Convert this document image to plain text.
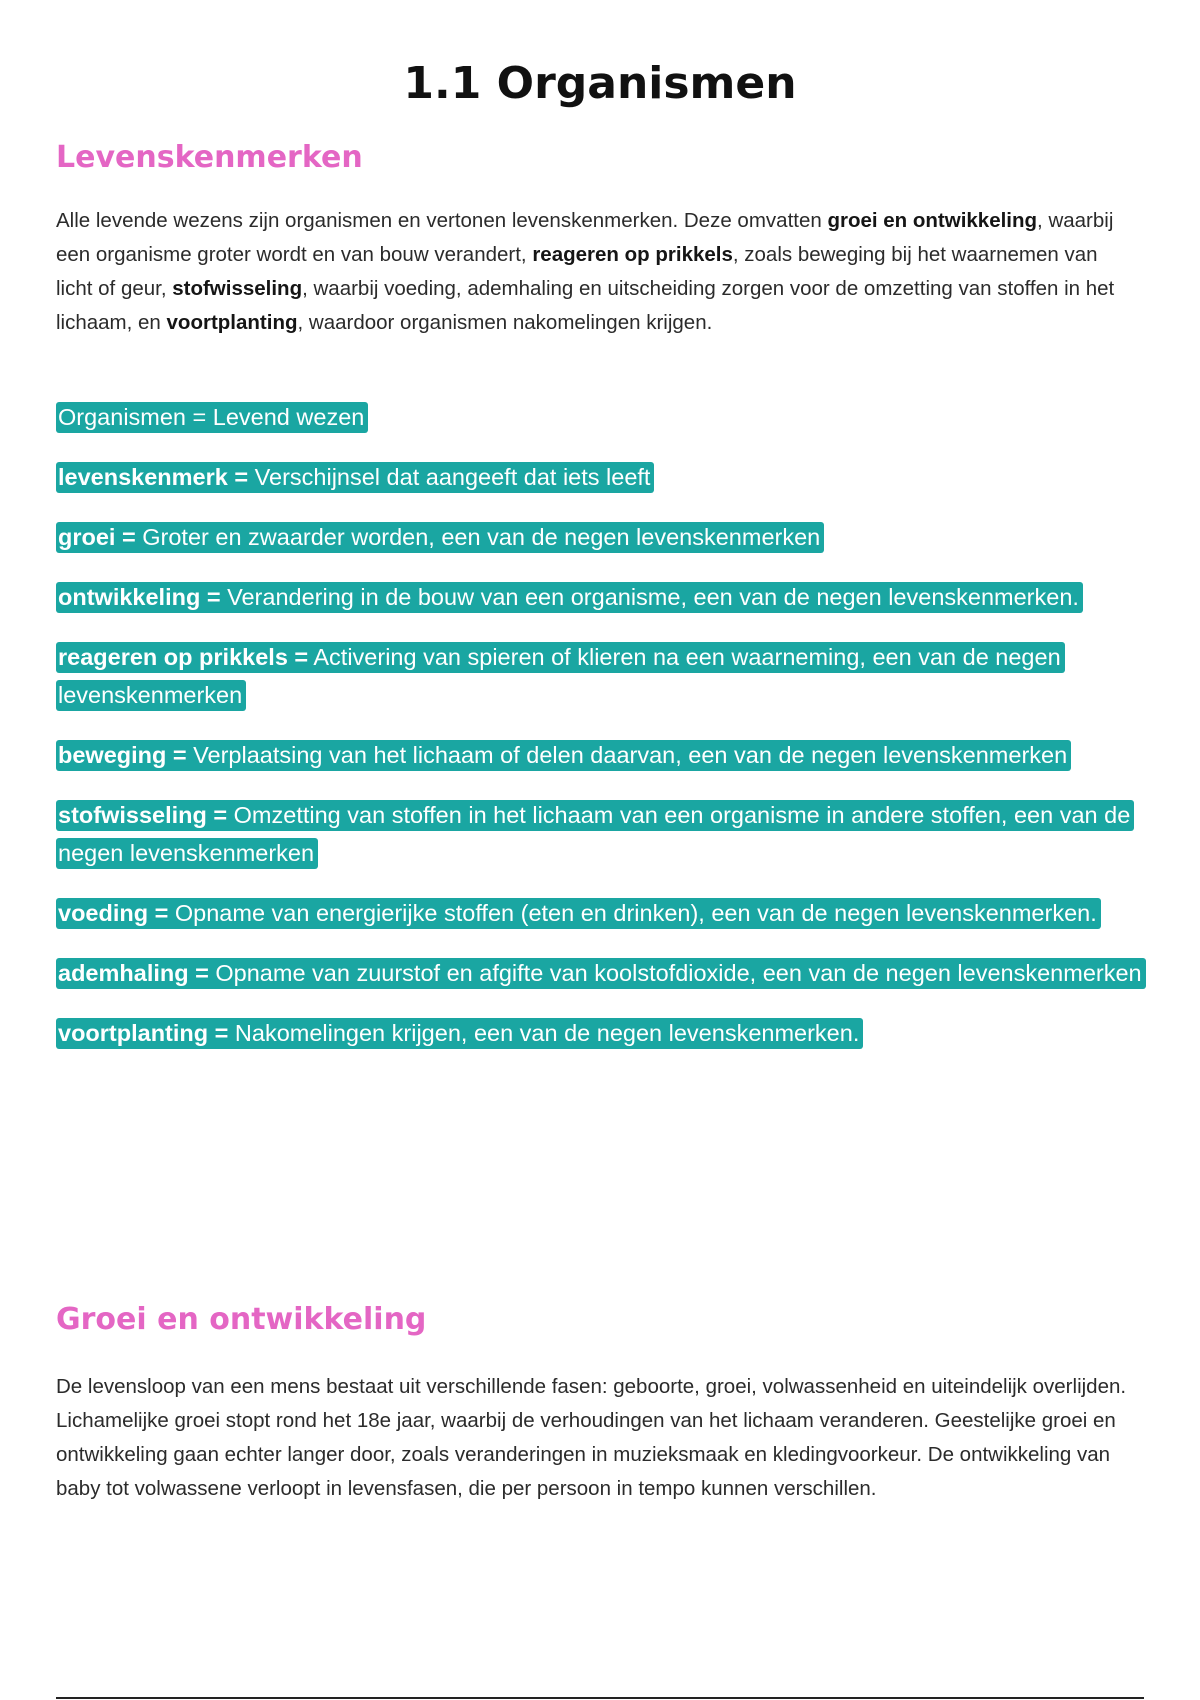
1.1 Organismen
Levenskenmerken

Alle levende wezens zijn organismen en vertonen levenskenmerken. Deze omvatten groei en ontwikkeling, waarbij een organisme groter wordt en van bouw verandert, reageren op prikkels, zoals beweging bij het waarnemen van licht of geur, stofwisseling, waarbij voeding, ademhaling en uitscheiding zorgen voor de omzetting van stoffen in het lichaam, en voortplanting, waardoor organismen nakomelingen krijgen.

Organismen = Levend wezen

levenskenmerk = Verschijnsel dat aangeeft dat iets leeft

groei = Groter en zwaarder worden, een van de negen levenskenmerken

ontwikkeling = Verandering in de bouw van een organisme, een van de negen levenskenmerken.

reageren op prikkels = Activering van spieren of klieren na een waarneming, een van de negen levenskenmerken

beweging = Verplaatsing van het lichaam of delen daarvan, een van de negen levenskenmerken

stofwisseling = Omzetting van stoffen in het lichaam van een organisme in andere stoffen, een van de negen levenskenmerken

voeding = Opname van energierijke stoffen (eten en drinken), een van de negen levenskenmerken.

ademhaling = Opname van zuurstof en afgifte van koolstofdioxide, een van de negen levenskenmerken

voortplanting = Nakomelingen krijgen, een van de negen levenskenmerken.

Groei en ontwikkeling

De levensloop van een mens bestaat uit verschillende fasen: geboorte, groei, volwassenheid en uiteindelijk overlijden. Lichamelijke groei stopt rond het 18e jaar, waarbij de verhoudingen van het lichaam veranderen. Geestelijke groei en ontwikkeling gaan echter langer door, zoals veranderingen in muzieksmaak en kledingvoorkeur. De ontwikkeling van baby tot volwassene verloopt in levensfasen, die per persoon in tempo kunnen verschillen.
